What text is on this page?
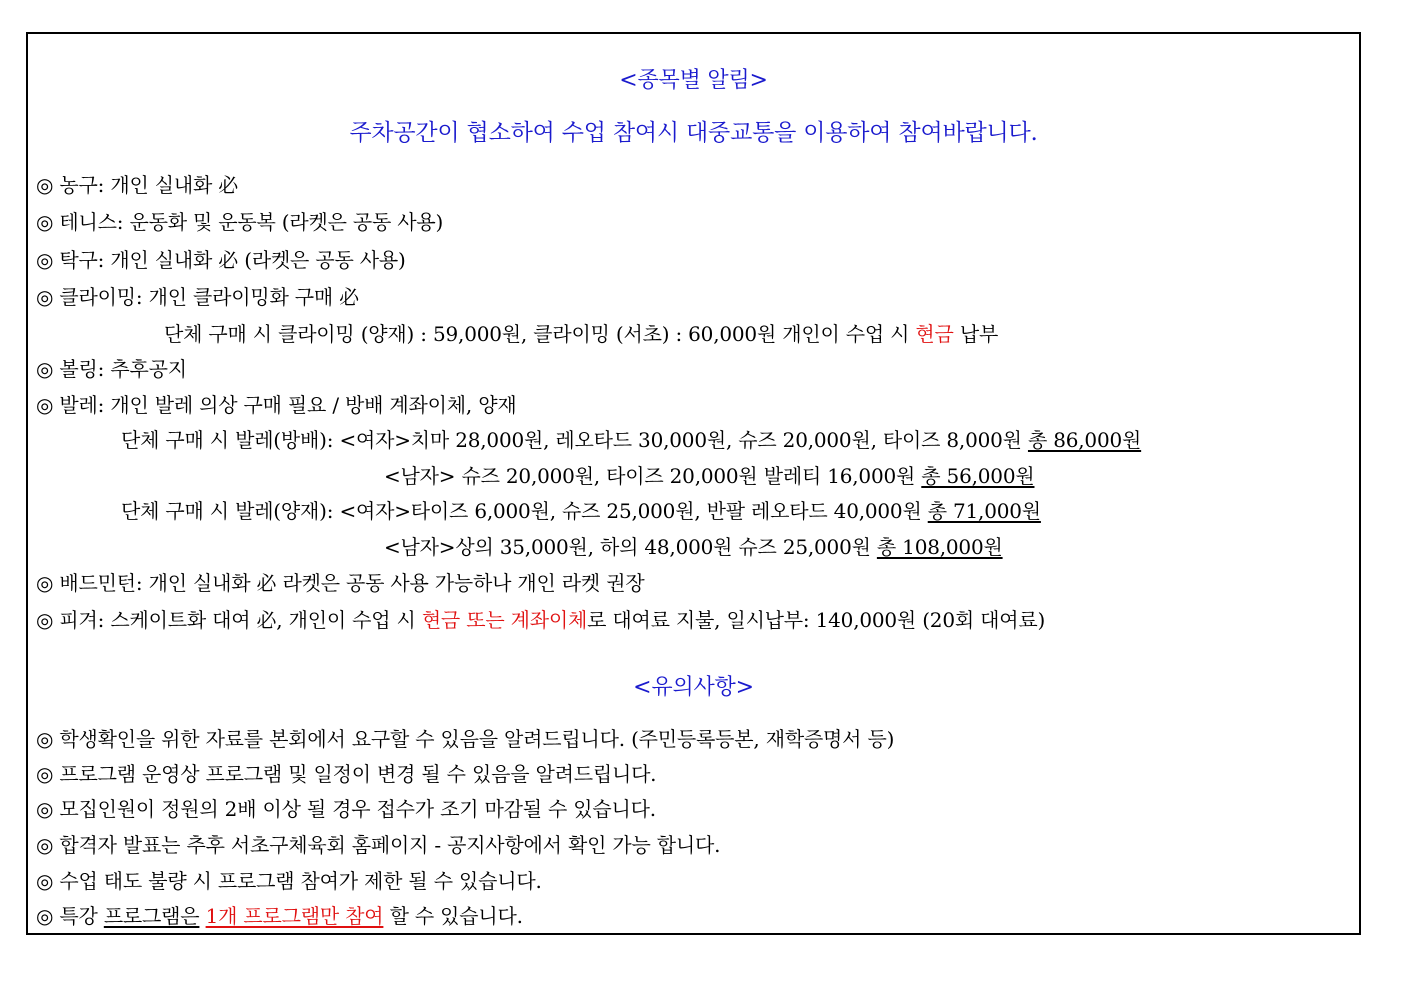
<종목별 알림>
주차공간이 협소하여 수업 참여시 대중교통을 이용하여 참여바랍니다.
◎ 농구: 개인 실내화 必
◎ 테니스: 운동화 및 운동복 (라켓은 공동 사용)
◎ 탁구: 개인 실내화 必 (라켓은 공동 사용)
◎ 클라이밍: 개인 클라이밍화 구매 必
단체 구매 시 클라이밍 (양재) : 59,000원, 클라이밍 (서초) : 60,000원 개인이 수업 시 현금 납부
◎ 볼링: 추후공지
◎ 발레: 개인 발레 의상 구매 필요 / 방배 계좌이체, 양재
단체 구매 시 발레(방배): <여자>치마 28,000원, 레오타드 30,000원, 슈즈 20,000원, 타이즈 8,000원 총 86,000원
<남자> 슈즈 20,000원, 타이즈 20,000원 발레티 16,000원 총 56,000원
단체 구매 시 발레(양재): <여자>타이즈 6,000원, 슈즈 25,000원, 반팔 레오타드 40,000원 총 71,000원
<남자>상의 35,000원, 하의 48,000원 슈즈 25,000원 총 108,000원
◎ 배드민턴: 개인 실내화 必 라켓은 공동 사용 가능하나 개인 라켓 권장
◎ 피겨: 스케이트화 대여 必, 개인이 수업 시 현금 또는 계좌이체로 대여료 지불, 일시납부: 140,000원 (20회 대여료)
<유의사항>
◎ 학생확인을 위한 자료를 본회에서 요구할 수 있음을 알려드립니다. (주민등록등본, 재학증명서 등)
◎ 프로그램 운영상 프로그램 및 일정이 변경 될 수 있음을 알려드립니다.
◎ 모집인원이 정원의 2배 이상 될 경우 접수가 조기 마감될 수 있습니다.
◎ 합격자 발표는 추후 서초구체육회 홈페이지 - 공지사항에서 확인 가능 합니다.
◎ 수업 태도 불량 시 프로그램 참여가 제한 될 수 있습니다.
◎ 특강 프로그램은 1개 프로그램만 참여 할 수 있습니다.
